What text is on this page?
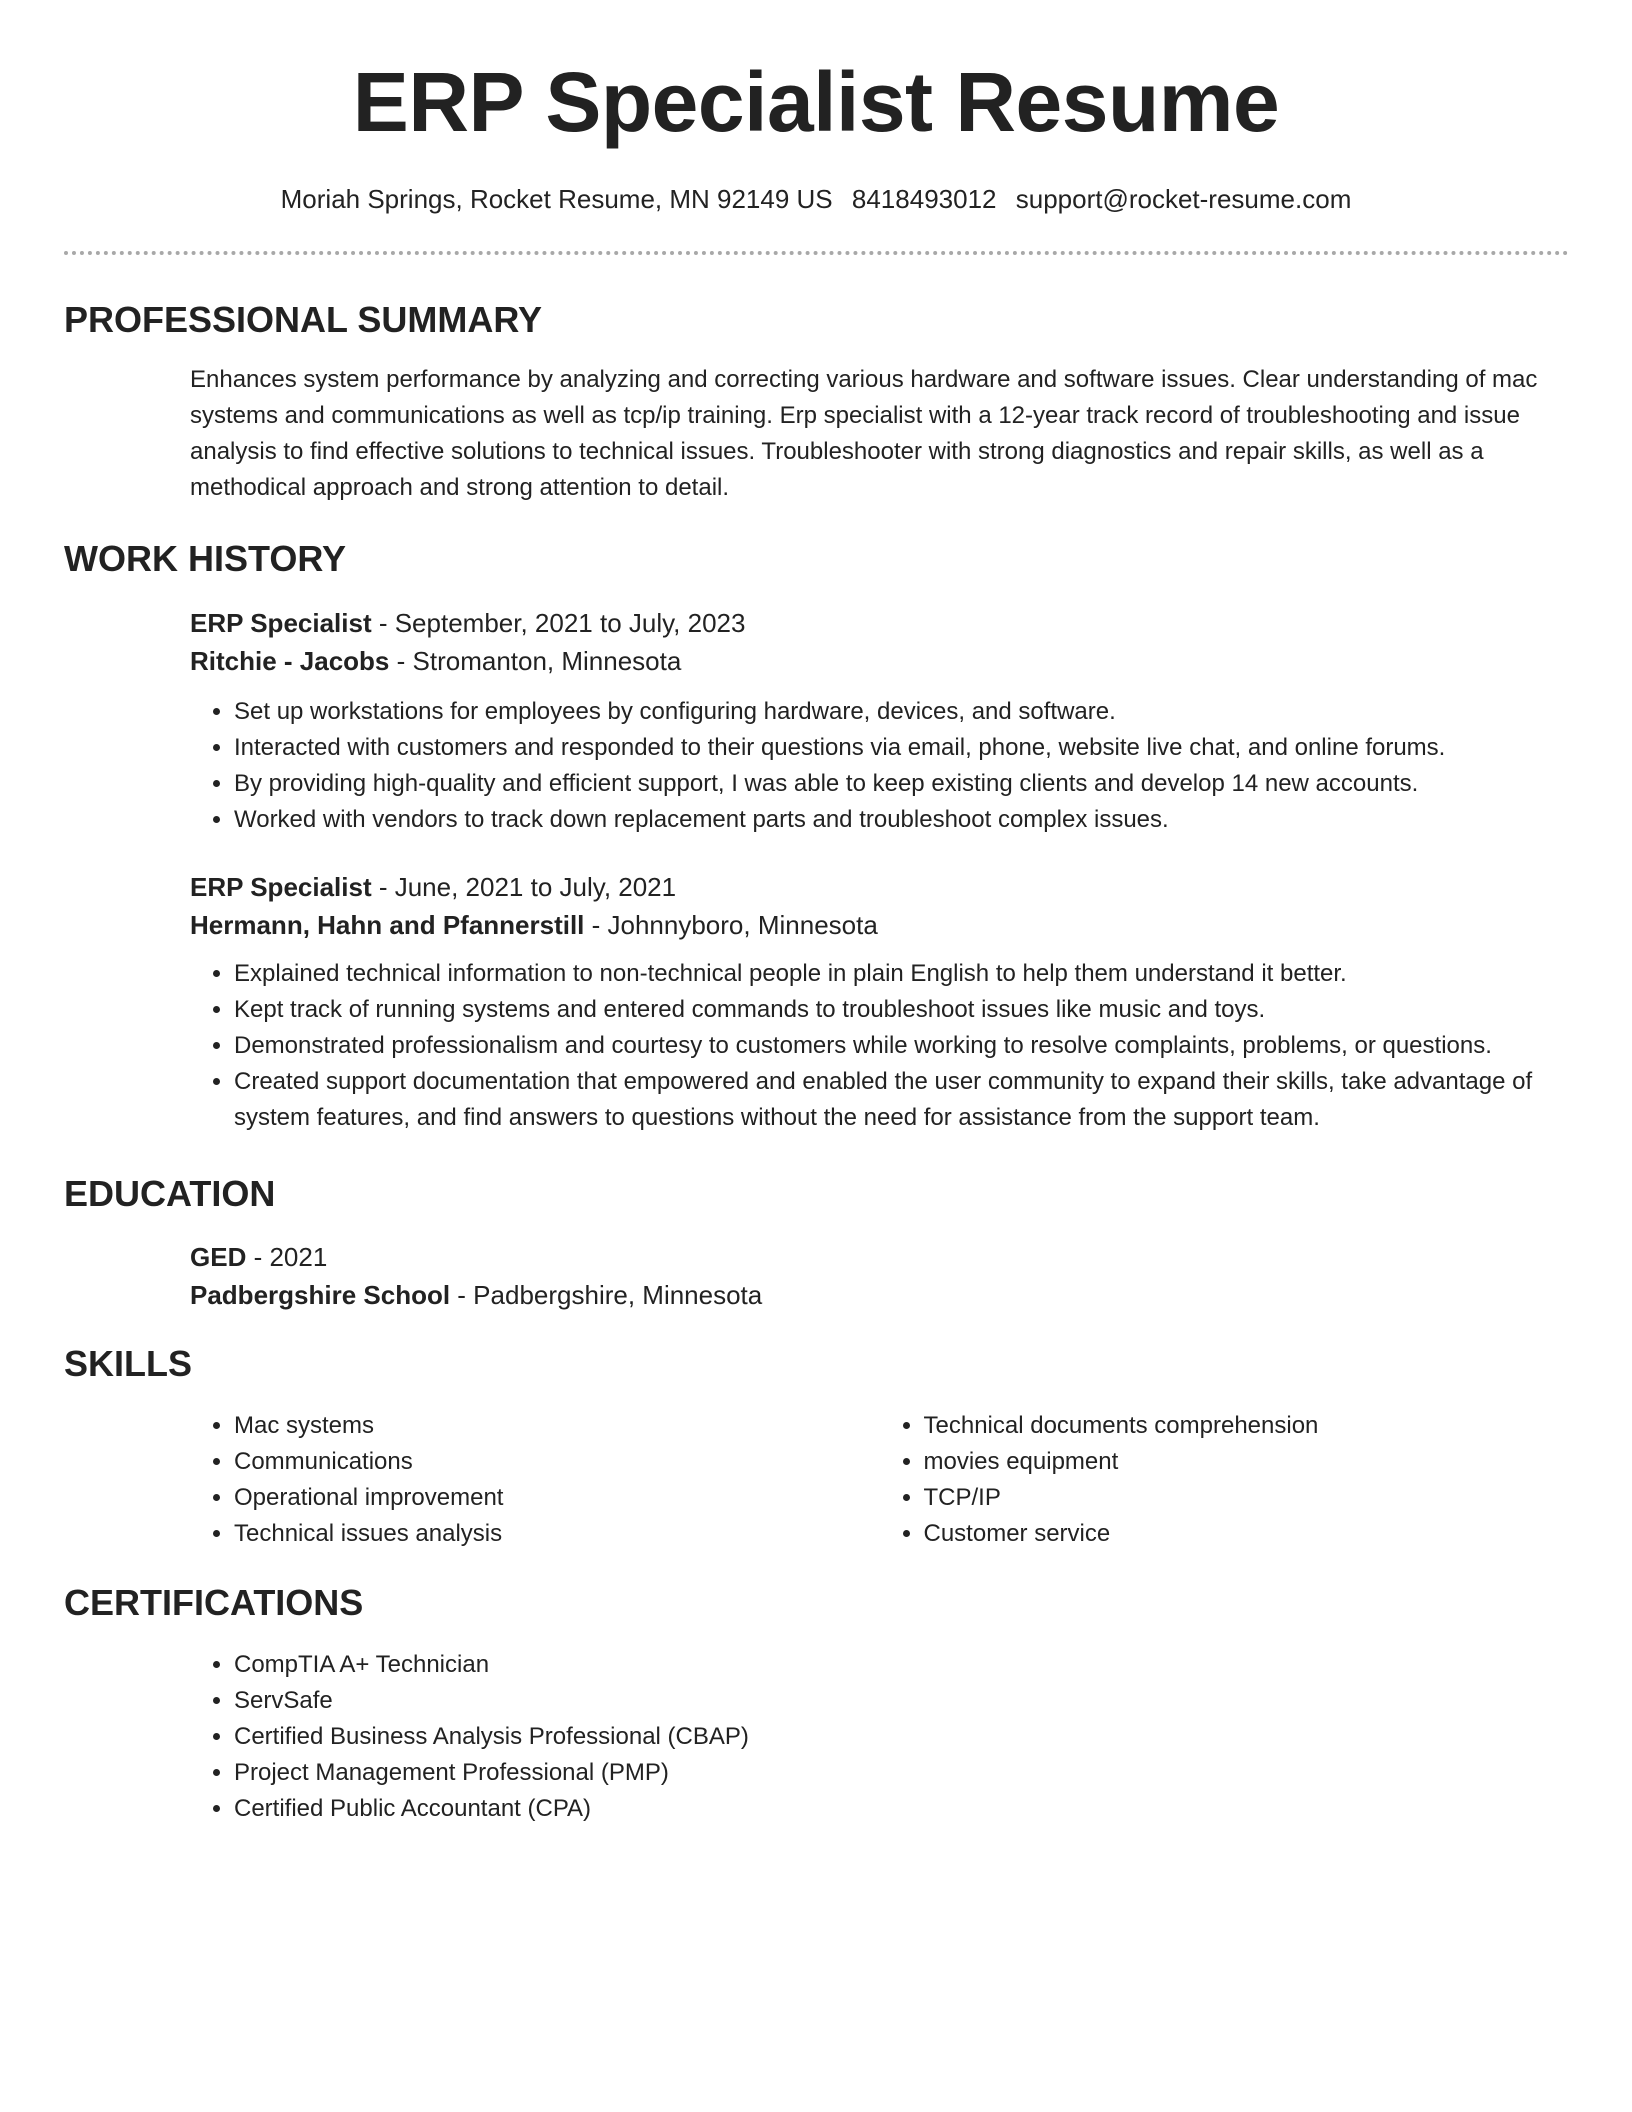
ERP Specialist Resume
Moriah Springs, Rocket Resume, MN 92149 US 8418493012 support@rocket-resume.com
PROFESSIONAL SUMMARY

Enhances system performance by analyzing and correcting various hardware and software issues. Clear understanding of mac systems and communications as well as tcp/ip training. Erp specialist with a 12-year track record of troubleshooting and issue analysis to find effective solutions to technical issues. Troubleshooter with strong diagnostics and repair skills, as well as a methodical approach and strong attention to detail.

WORK HISTORY
ERP Specialist - September, 2021 to July, 2023
Ritchie - Jacobs - Stromanton, Minnesota
• Set up workstations for employees by configuring hardware, devices, and software.
• Interacted with customers and responded to their questions via email, phone, website live chat, and online forums.
• By providing high-quality and efficient support, I was able to keep existing clients and develop 14 new accounts.
• Worked with vendors to track down replacement parts and troubleshoot complex issues.
ERP Specialist - June, 2021 to July, 2021
Hermann, Hahn and Pfannerstill - Johnnyboro, Minnesota
• Explained technical information to non-technical people in plain English to help them understand it better.
• Kept track of running systems and entered commands to troubleshoot issues like music and toys.
• Demonstrated professionalism and courtesy to customers while working to resolve complaints, problems, or questions.
• Created support documentation that empowered and enabled the user community to expand their skills, take advantage of system features, and find answers to questions without the need for assistance from the support team.
EDUCATION
GED - 2021
Padbergshire School - Padbergshire, Minnesota
SKILLS
• Mac systems
• Communications
• Operational improvement
• Technical issues analysis
• Technical documents comprehension
• movies equipment
• TCP/IP
• Customer service
CERTIFICATIONS
• CompTIA A+ Technician
• ServSafe
• Certified Business Analysis Professional (CBAP)
• Project Management Professional (PMP)
• Certified Public Accountant (CPA)
